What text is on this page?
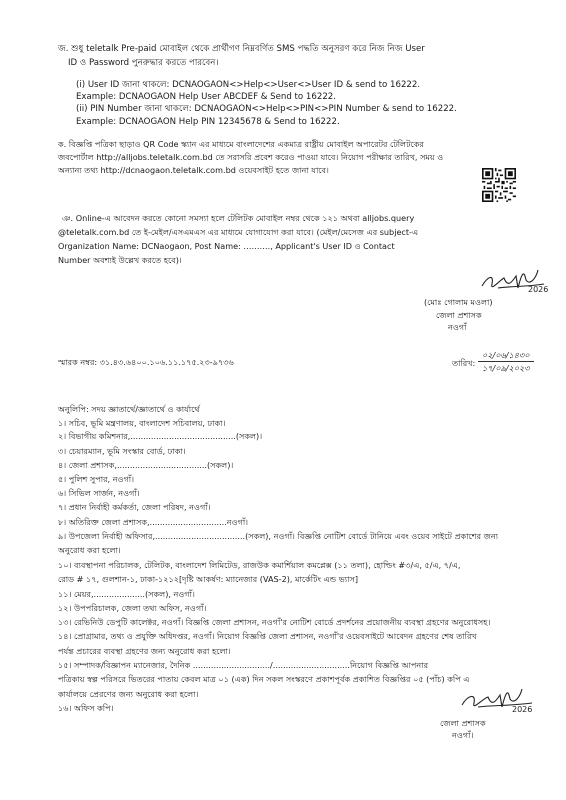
জ. শুধু teletalk Pre-paid মোবাইল থেকে প্রার্থীগণ নিম্নবর্ণিত SMS পদ্ধতি অনুসরণ করে নিজ নিজ User
ID ও Password পুনরুদ্ধার করতে পারবেন।
(i) User ID জানা থাকলে: DCNAOGAON<>Help<>User<>User ID & send to 16222.
Example: DCNAOGAON Help User ABCDEF & Send to 16222.
(ii) PIN Number জানা থাকলে: DCNAOGAON<>Help<>PIN<>PIN Number & send to 16222.
Example: DCNAOGAON Help PIN 12345678 & Send to 16222.
ক. বিজ্ঞপ্তি পত্রিকা ছাড়াও QR Code স্ক্যান এর মাধ্যমে বাংলাদেশের একমাত্র রাষ্ট্রীয় মোবাইল অপারেটর টেলিটকের
জবপোর্টাল http://alljobs.teletalk.com.bd তে সরাসরি প্রবেশ করেও পাওয়া যাবে। নিয়োগ পরীক্ষার তারিখ, সময় ও
অন্যান্য তথ্য http://dcnaogaon.teletalk.com.bd ওয়েবসাইট হতে জানা যাবে।
ঞ. Online-এ আবেদন করতে কোনো সমস্যা হলে টেলিটক মোবাইল নম্বর থেকে ১২১ অথবা alljobs.query
@teletalk.com.bd তে ই-মেইল/এসএমএস এর মাধ্যমে যোগাযোগ করা যাবে। (মেইল/মেসেজ এর subject-এ
Organization Name: DCNaogaon, Post Name: ………., Applicant's User ID ও Contact
Number অবশ্যই উল্লেখ করতে হবে)।
2026
(মোঃ গোলাম মওলা)
জেলা প্রশাসক
নওগাঁ
স্মারক নম্বর: ৩১.৪৩.৬৪০০.১০৬.১১.১৭৫.২৩-৯৭৩৬	তারিখ:
০২/০৬/১৪৩০
১৭/০৯/২০২৩
অনুলিপি: সদয় জ্ঞাতার্থে/জ্ঞাতার্থে ও কার্যার্থে
১। সচিব, ভূমি মন্ত্রণালয়, বাংলাদেশ সচিবালয়, ঢাকা।
২। বিভাগীয় কমিশনার,.........................................(সকল)।
৩। চেয়ারম্যান, ভূমি সংস্কার বোর্ড, ঢাকা।
৪। জেলা প্রশাসক,...................................(সকল)।
৫। পুলিশ সুপার, নওগাঁ।
৬। সিভিল সার্জন, নওগাঁ।
৭। প্রধান নির্বাহী কর্মকর্তা, জেলা পরিষদ, নওগাঁ।
৮। অতিরিক্ত জেলা প্রশাসক,..............................নওগাঁ।
৯। উপজেলা নির্বাহী অফিসার,...................................(সকল), নওগাঁ। বিজ্ঞপ্তি নোটিশ বোর্ডে টানিয়ে এবং ওয়েব সাইটে প্রকাশের জন্য
অনুরোধ করা হলো।
১০। ব্যবস্থাপনা পরিচালক, টেলিটক, বাংলাদেশ লিমিটেড, রাজউক কমার্শিয়াল কমপ্লেক্স (১১ তলা), হোল্ডিং #৩/এ, ৫/এ, ৭/এ,
রোড # ১৭, গুলশান-১, ঢাকা-১২১২[দৃষ্টি আকর্ষণ: ম্যানেজার (VAS-2), মার্কেটিং এন্ড ভ্যাস]
১১। মেয়র,....................(সকল), নওগাঁ।
১২। উপপরিচালক, জেলা তথ্য অফিস, নওগাঁ।
১৩। রেভিনিউ ডেপুটি কালেক্টর, নওগাঁ। বিজ্ঞপ্তি জেলা প্রশাসন, নওগাঁ'র নোটিশ বোর্ডে প্রদর্শনের প্রয়োজনীয় ব্যবস্থা গ্রহণের অনুরোধসহ।
১৪। প্রোগ্রামার, তথ্য ও প্রযুক্তি অধিদপ্তর, নওগাঁ। নিয়োগ বিজ্ঞপ্তি জেলা প্রশাসন, নওগাঁ'র ওয়েবসাইটে আবেদন গ্রহণের শেষ তারিখ
পর্যন্ত প্রচারের ব্যবস্থা গ্রহণের জন্য অনুরোধ করা হলো।
১৫। সম্পাদক/বিজ্ঞাপন ম্যানেজার, দৈনিক ............................../..............................নিয়োগ বিজ্ঞপ্তি আপনার
পত্রিকায় স্বল্প পরিসরে ভিতরের পাতায় কেবল মাত্র ০১ (এক) দিন সকল সংস্করণে প্রকাশপূর্বক প্রকাশিত বিজ্ঞপ্তির ০৫ (পাঁচ) কপি এ
কার্যালয়ে প্রেরণের জন্য অনুরোধ করা হলো।
১৬। অফিস কপি।	2026
জেলা প্রশাসক
নওগাঁ।
